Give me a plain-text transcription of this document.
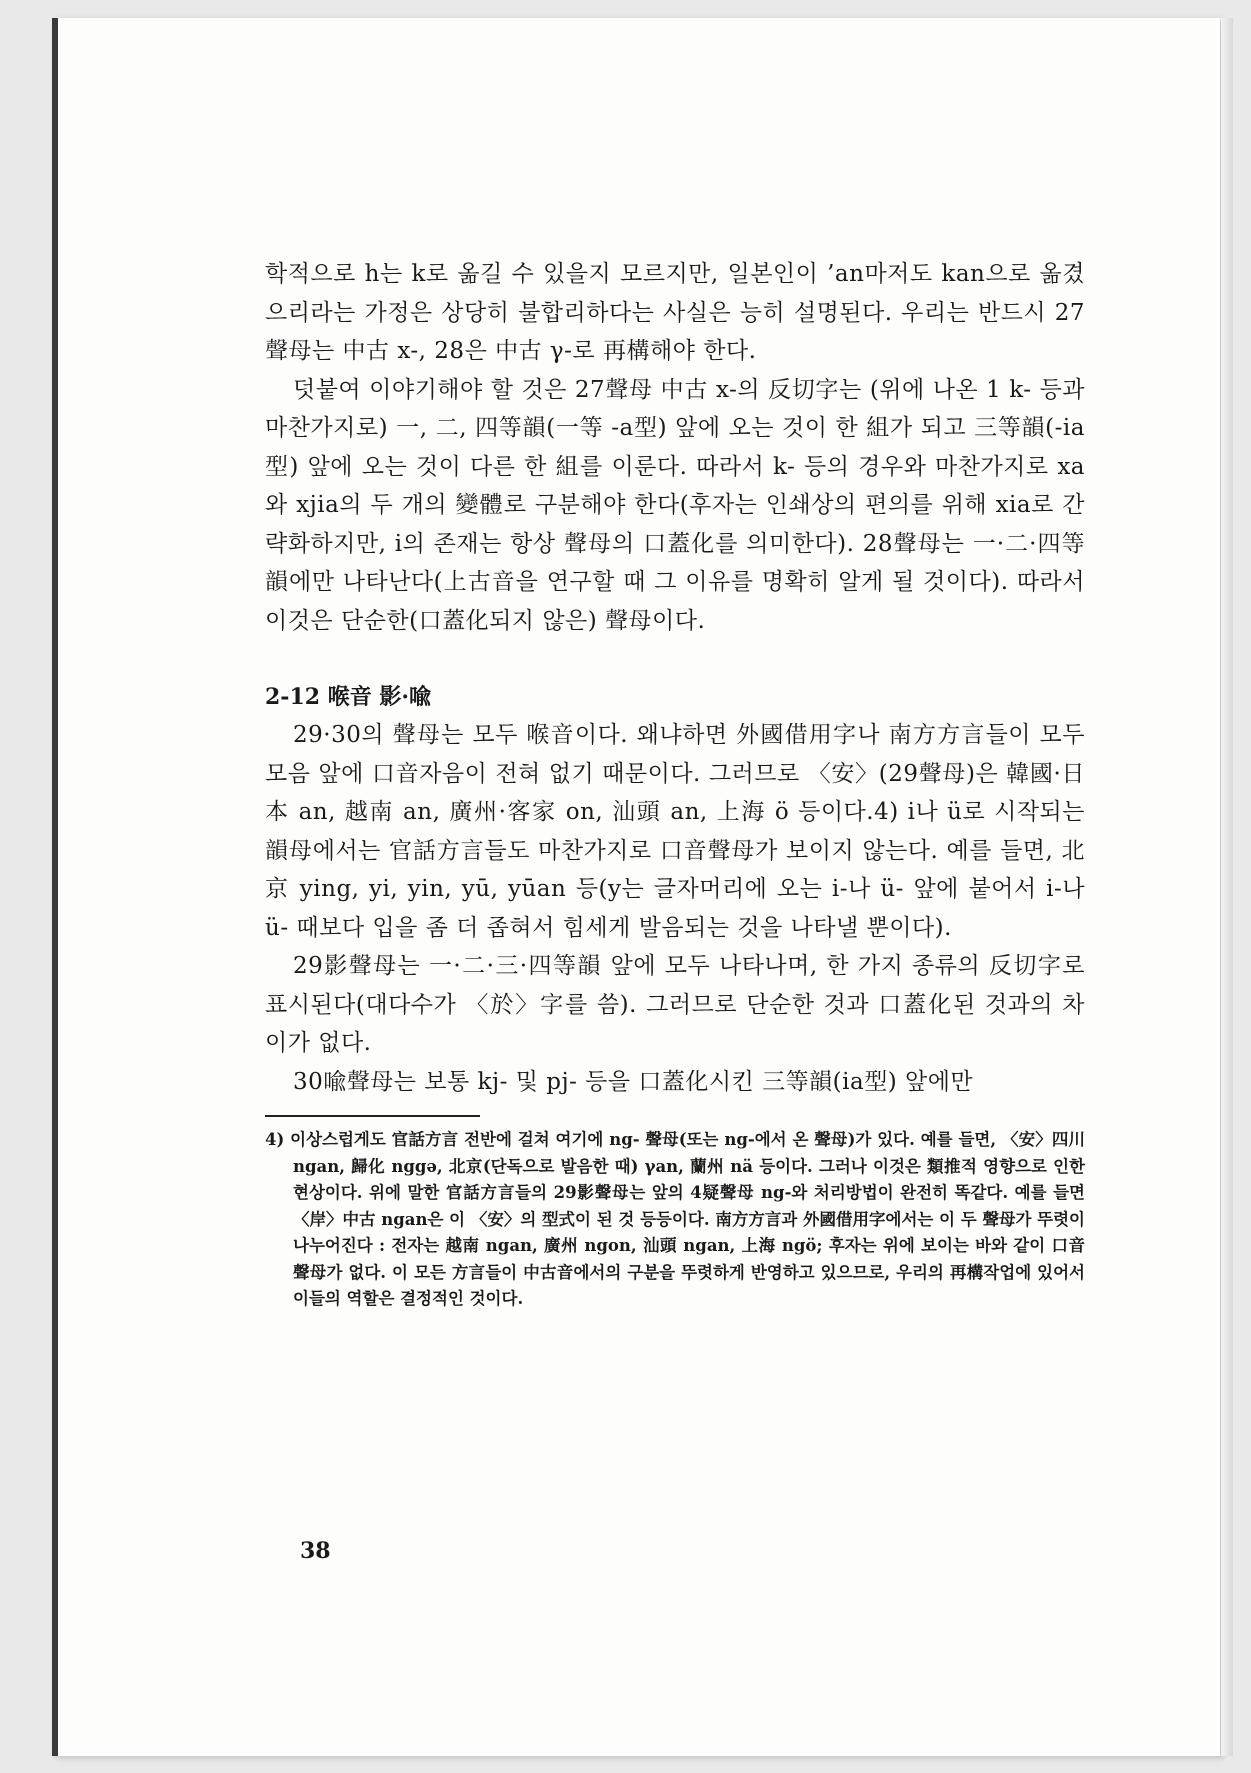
학적으로 h는 k로 옮길 수 있을지 모르지만, 일본인이 ’an마저도 kan으로 옮겼으리라는 가정은 상당히 불합리하다는 사실은 능히 설명된다. 우리는 반드시 27聲母는 中古 x-, 28은 中古 γ-로 再構해야 한다.

덧붙여 이야기해야 할 것은 27聲母 中古 x-의 反切字는 (위에 나온 1 k- 등과 마찬가지로) 一, 二, 四等韻(一等 -a型) 앞에 오는 것이 한 組가 되고 三等韻(-ia型) 앞에 오는 것이 다른 한 組를 이룬다. 따라서 k- 등의 경우와 마찬가지로 xa와 xjia의 두 개의 變體로 구분해야 한다(후자는 인쇄상의 편의를 위해 xia로 간략화하지만, i의 존재는 항상 聲母의 口蓋化를 의미한다). 28聲母는 一·二·四等韻에만 나타난다(上古音을 연구할 때 그 이유를 명확히 알게 될 것이다). 따라서 이것은 단순한(口蓋化되지 않은) 聲母이다.

2-12 喉音 影·喩

29·30의 聲母는 모두 喉音이다. 왜냐하면 外國借用字나 南方方言들이 모두 모음 앞에 口音자음이 전혀 없기 때문이다. 그러므로 〈安〉(29聲母)은 韓國·日本 an, 越南 an, 廣州·客家 on, 汕頭 an, 上海 ö 등이다.4) i나 ü로 시작되는 韻母에서는 官話方言들도 마찬가지로 口音聲母가 보이지 않는다. 예를 들면, 北京 ying, yi, yin, yū, yūan 등(y는 글자머리에 오는 i-나 ü- 앞에 붙어서 i-나 ü- 때보다 입을 좀 더 좁혀서 힘세게 발음되는 것을 나타낼 뿐이다).

29影聲母는 一·二·三·四等韻 앞에 모두 나타나며, 한 가지 종류의 反切字로 표시된다(대다수가 〈於〉字를 씀). 그러므로 단순한 것과 口蓋化된 것과의 차이가 없다.

30喩聲母는 보통 kj- 및 pj- 등을 口蓋化시킨 三等韻(ia型) 앞에만

4) 이상스럽게도 官話方言 전반에 걸쳐 여기에 ng- 聲母(또는 ng-에서 온 聲母)가 있다. 예를 들면, 〈安〉四川 ngan, 歸化 nggə, 北京(단독으로 발음한 때) γan, 蘭州 nä 등이다. 그러나 이것은 類推적 영향으로 인한 현상이다. 위에 말한 官話方言들의 29影聲母는 앞의 4疑聲母 ng-와 처리방법이 완전히 똑같다. 예를 들면 〈岸〉中古 ngan은 이 〈安〉의 型式이 된 것 등등이다. 南方方言과 外國借用字에서는 이 두 聲母가 뚜렷이 나누어진다 : 전자는 越南 ngan, 廣州 ngon, 汕頭 ngan, 上海 ngö; 후자는 위에 보이는 바와 같이 口音聲母가 없다. 이 모든 方言들이 中古音에서의 구분을 뚜렷하게 반영하고 있으므로, 우리의 再構작업에 있어서 이들의 역할은 결정적인 것이다.
38
